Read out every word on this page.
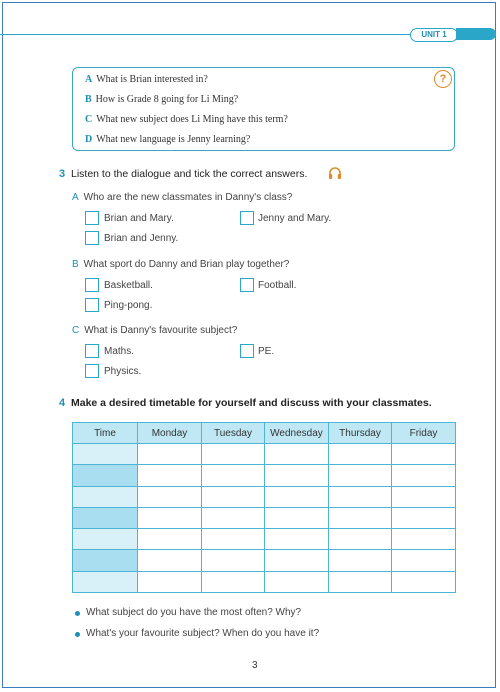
UNIT 1
A What is Brian interested in?
B How is Grade 8 going for Li Ming?
C What new subject does Li Ming have this term?
D What new language is Jenny learning?
?
3 Listen to the dialogue and tick the correct answers.
A Who are the new classmates in Danny's class?
Brian and Mary.	Jenny and Mary.
Brian and Jenny.
B What sport do Danny and Brian play together?
Basketball.	Football.
Ping-pong.
C What is Danny's favourite subject?
Maths.	PE.
Physics.
4 Make a desired timetable for yourself and discuss with your classmates.
Time	Monday	Tuesday	Wednesday	Thursday	Friday

What subject do you have the most often? Why?
What's your favourite subject? When do you have it?
3
